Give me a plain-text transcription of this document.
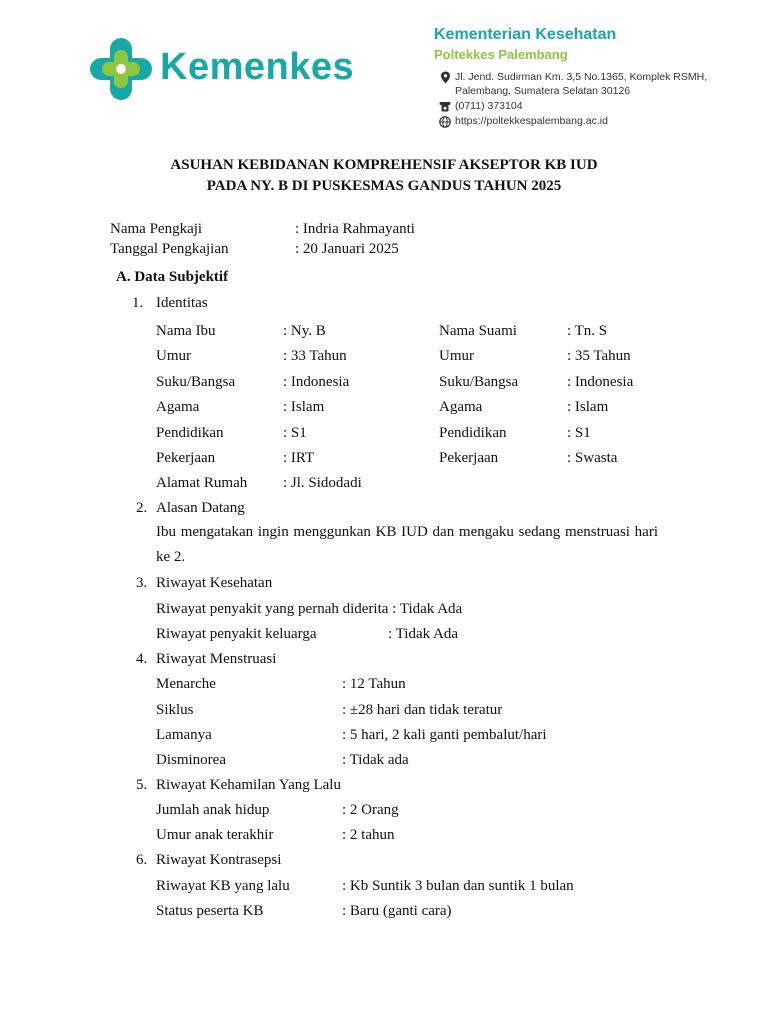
Kemenkes
Kementerian Kesehatan
Poltekkes Palembang
Jl. Jend. Sudirman Km. 3,5 No.1365, Komplek RSMH,
Palembang, Sumatera Selatan 30126
(0711) 373104
https://poltekkespalembang.ac.id
ASUHAN KEBIDANAN KOMPREHENSIF AKSEPTOR KB IUD
PADA NY. B DI PUSKESMAS GANDUS TAHUN 2025
Nama Pengkaji	: Indria Rahmayanti
Tanggal Pengkajian	: 20 Januari 2025
A. Data Subjektif
1. Identitas
Nama Ibu	: Ny. B	Nama Suami	: Tn. S
Umur	: 33 Tahun	Umur	: 35 Tahun
Suku/Bangsa	: Indonesia	Suku/Bangsa	: Indonesia
Agama	: Islam	Agama	: Islam
Pendidikan	: S1	Pendidikan	: S1
Pekerjaan	: IRT	Pekerjaan	: Swasta
Alamat Rumah : Jl. Sidodadi
2. Alasan Datang
Ibu mengatakan ingin menggunkan KB IUD dan mengaku sedang menstruasi hari ke 2.
3. Riwayat Kesehatan
Riwayat penyakit yang pernah diderita : Tidak Ada
Riwayat penyakit keluarga	: Tidak Ada
4. Riwayat Menstruasi
Menarche	: 12 Tahun
Siklus	: ±28 hari dan tidak teratur
Lamanya	: 5 hari, 2 kali ganti pembalut/hari
Disminorea	: Tidak ada
5. Riwayat Kehamilan Yang Lalu
Jumlah anak hidup	: 2 Orang
Umur anak terakhir	: 2 tahun
6. Riwayat Kontrasepsi
Riwayat KB yang lalu	: Kb Suntik 3 bulan dan suntik 1 bulan
Status peserta KB	: Baru (ganti cara)
